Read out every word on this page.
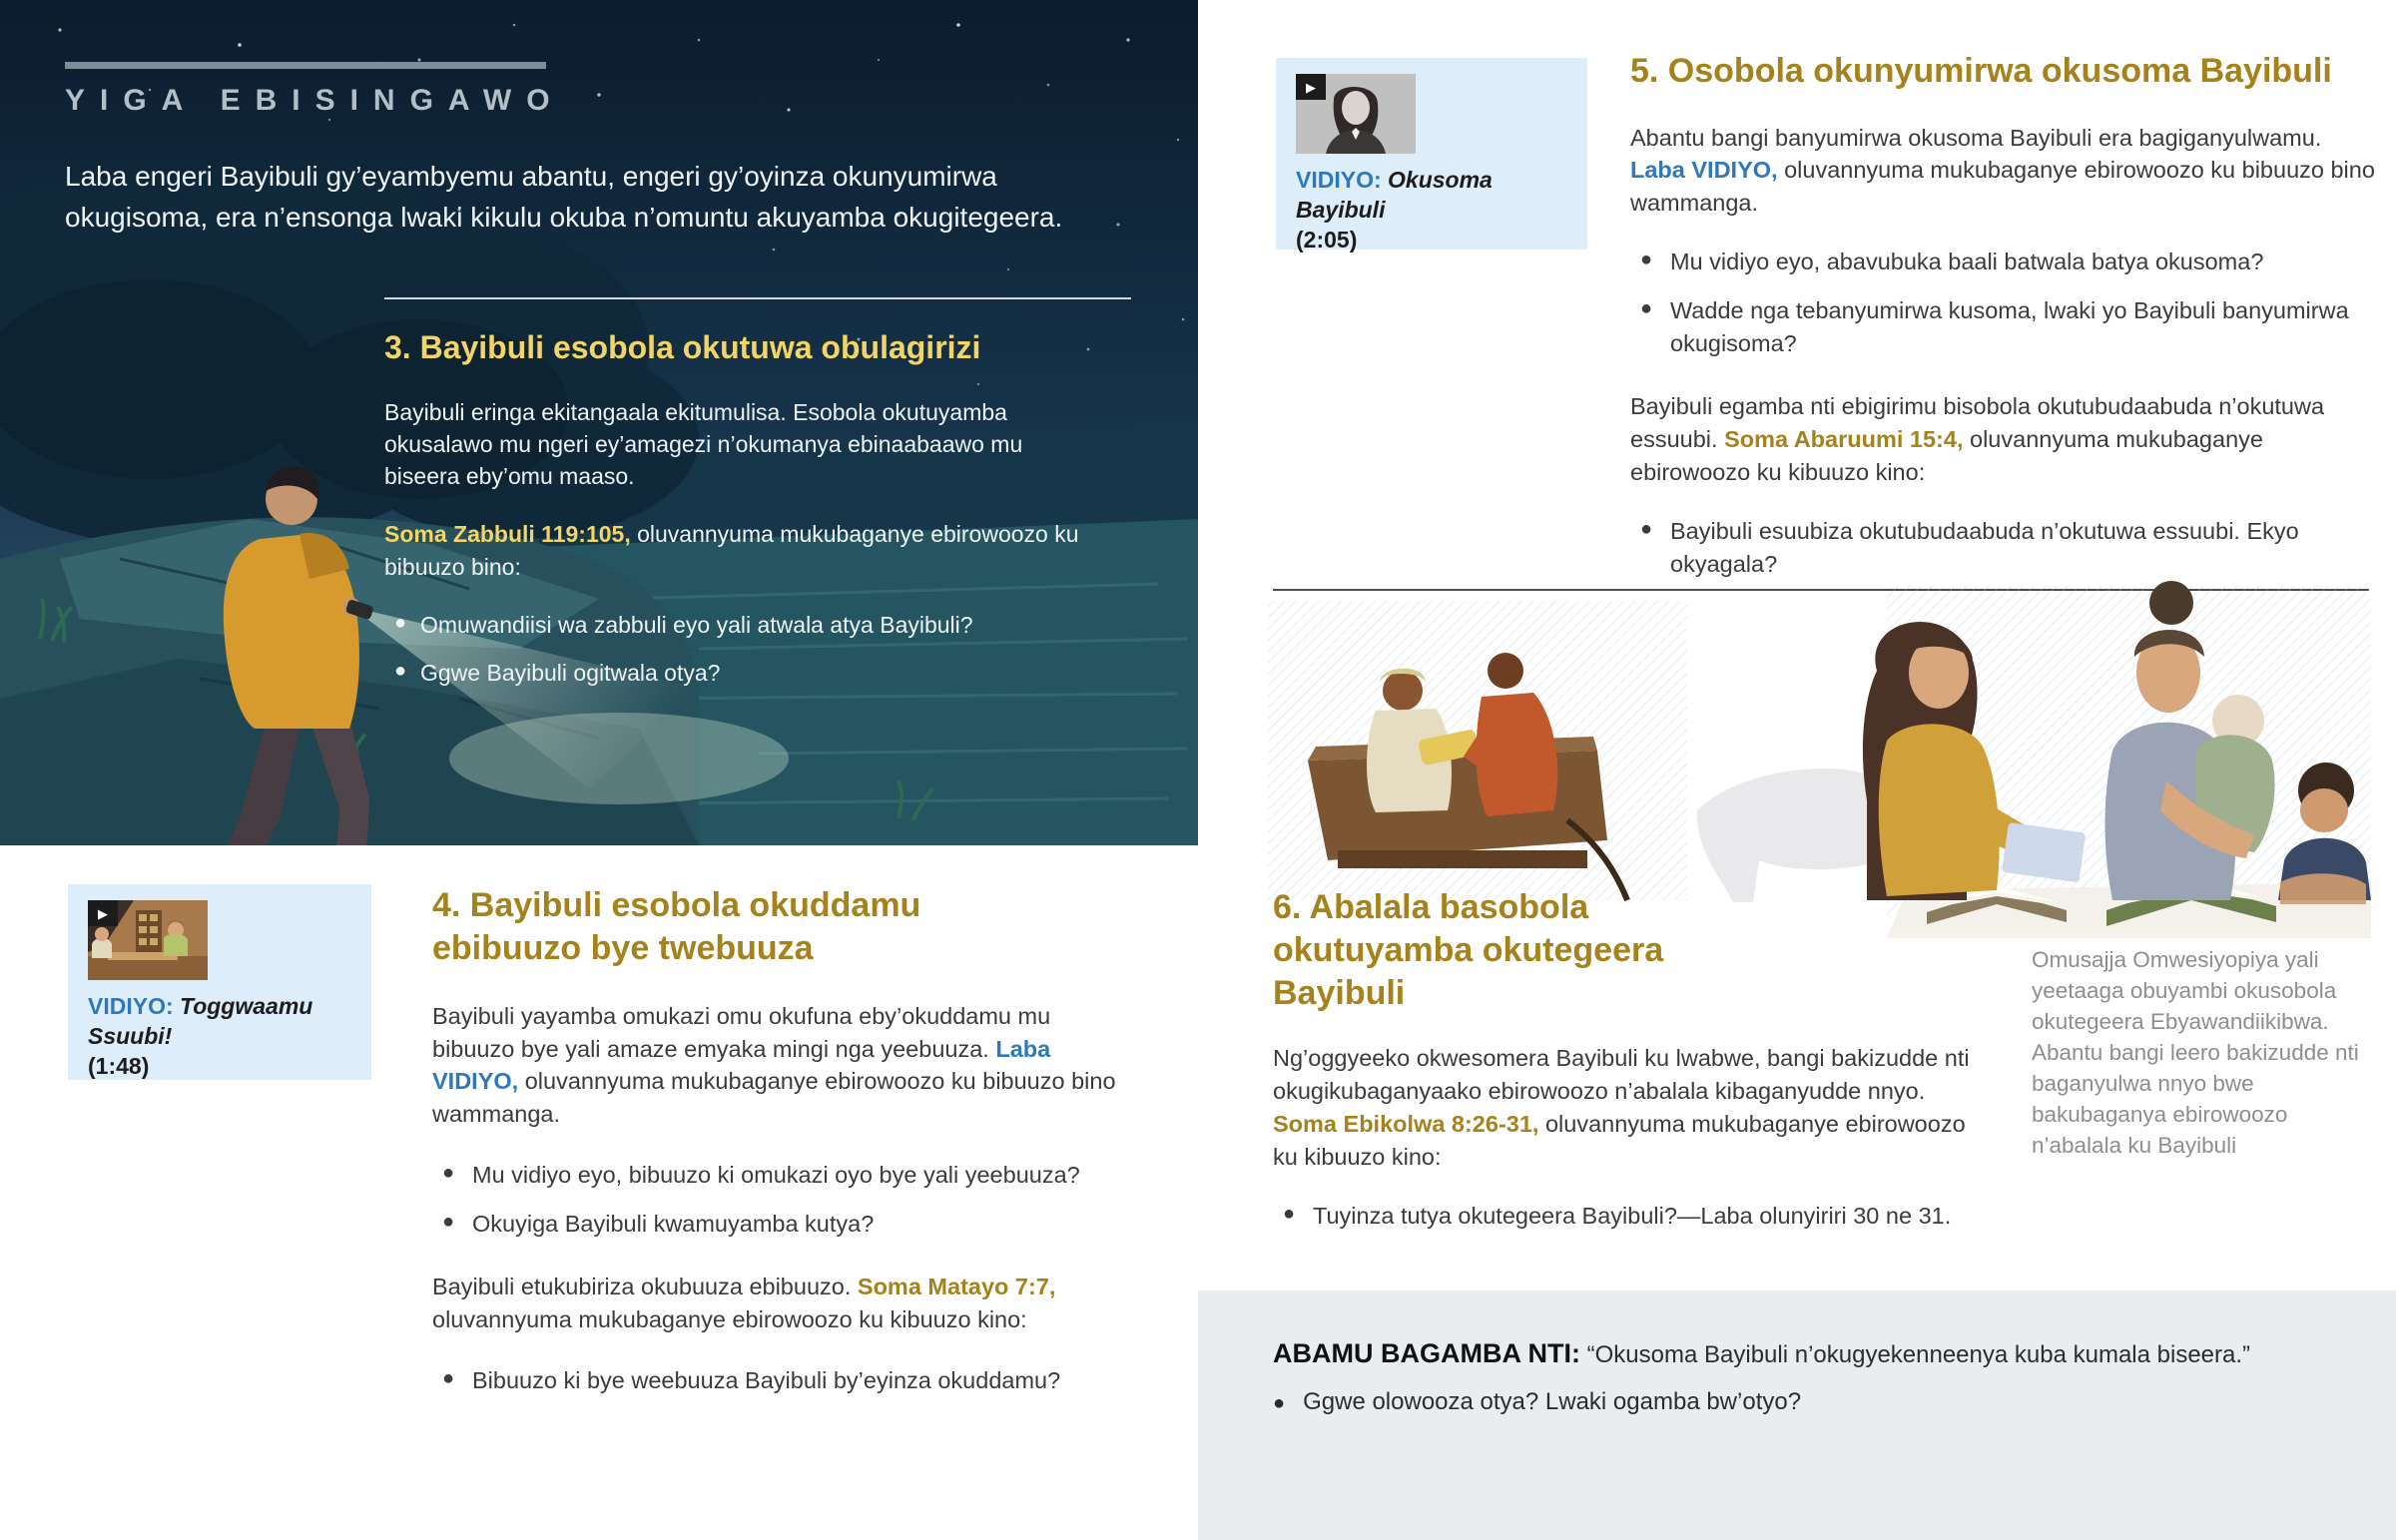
YIGA EBISINGAWO
Laba engeri Bayibuli gy’eyambyemu abantu, engeri gy’oyinza okunyumirwa okugisoma, era n’ensonga lwaki kikulu okuba n’omuntu akuyamba okugitegeera.
3. Bayibuli esobola okutuwa obulagirizi

Bayibuli eringa ekitangaala ekitumulisa. Esobola okutuyamba okusalawo mu ngeri ey’amagezi n’okumanya ebinaabaawo mu biseera eby’omu maaso.

Soma Zabbuli 119:105, oluvannyuma mukubaganye ebirowoozo ku bibuuzo bino:

● Omuwandiisi wa zabbuli eyo yali atwala atya Bayibuli?
● Ggwe Bayibuli ogitwala otya?
▶
VIDIYO: Toggwaamu Ssuubi!
(1:48)
4. Bayibuli esobola okuddamu ebibuuzo bye twebuuza

Bayibuli yayamba omukazi omu okufuna eby’okuddamu mu bibuuzo bye yali amaze emyaka mingi nga yeebuuza. Laba VIDIYO, oluvannyuma mukubaganye ebirowoozo ku bibuuzo bino wammanga.

● Mu vidiyo eyo, bibuuzo ki omukazi oyo bye yali yeebuuza?
● Okuyiga Bayibuli kwamuyamba kutya?

Bayibuli etukubiriza okubuuza ebibuuzo. Soma Matayo 7:7, oluvannyuma mukubaganye ebirowoozo ku kibuuzo kino:

● Bibuuzo ki bye weebuuza Bayibuli by’eyinza okuddamu?
▶
VIDIYO: Okusoma Bayibuli
(2:05)
5. Osobola okunyumirwa okusoma Bayibuli

Abantu bangi banyumirwa okusoma Bayibuli era bagiganyulwamu. Laba VIDIYO, oluvannyuma mukubaganye ebirowoozo ku bibuuzo bino wammanga.

● Mu vidiyo eyo, abavubuka baali batwala batya okusoma?
● Wadde nga tebanyumirwa kusoma, lwaki yo Bayibuli banyumirwa okugisoma?

Bayibuli egamba nti ebigirimu bisobola okutubudaabuda n’okutuwa essuubi. Soma Abaruumi 15:4, oluvannyuma mukubaganye ebirowoozo ku kibuuzo kino:

● Bayibuli esuubiza okutubudaabuda n’okutuwa essuubi. Ekyo okyagala?
6. Abalala basobola okutuyamba okutegeera Bayibuli

Ng’oggyeeko okwesomera Bayibuli ku lwabwe, bangi bakizudde nti okugikubaganyaako ebirowoozo n’abalala kibaganyudde nnyo. Soma Ebikolwa 8:26-31, oluvannyuma mukubaganye ebirowoozo ku kibuuzo kino:

● Tuyinza tutya okutegeera Bayibuli?—Laba olunyiriri 30 ne 31.
Omusajja Omwesiyopiya yali yeetaaga obuyambi okusobola okutegeera Ebyawandiikibwa. Abantu bangi leero bakizudde nti baganyulwa nnyo bwe bakubaganya ebirowoozo n’abalala ku Bayibuli
ABAMU BAGAMBA NTI: “Okusoma Bayibuli n’okugyekenneenya kuba kumala biseera.”
● Ggwe olowooza otya? Lwaki ogamba bw’otyo?
